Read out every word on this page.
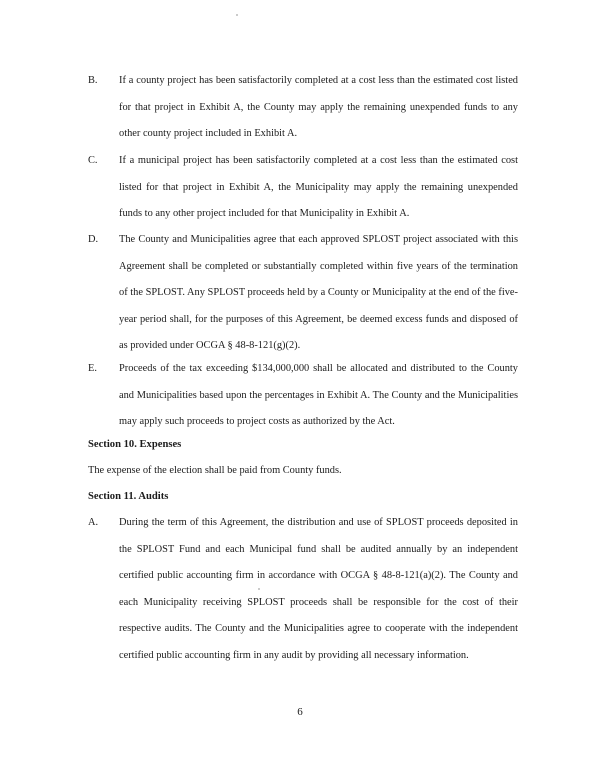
B. If a county project has been satisfactorily completed at a cost less than the estimated cost listed for that project in Exhibit A, the County may apply the remaining unexpended funds to any other county project included in Exhibit A.
C. If a municipal project has been satisfactorily completed at a cost less than the estimated cost listed for that project in Exhibit A, the Municipality may apply the remaining unexpended funds to any other project included for that Municipality in Exhibit A.
D. The County and Municipalities agree that each approved SPLOST project associated with this Agreement shall be completed or substantially completed within five years of the termination of the SPLOST. Any SPLOST proceeds held by a County or Municipality at the end of the five-year period shall, for the purposes of this Agreement, be deemed excess funds and disposed of as provided under OCGA § 48-8-121(g)(2).
E. Proceeds of the tax exceeding $134,000,000 shall be allocated and distributed to the County and Municipalities based upon the percentages in Exhibit A. The County and the Municipalities may apply such proceeds to project costs as authorized by the Act.
Section 10. Expenses
The expense of the election shall be paid from County funds.
Section 11. Audits
A. During the term of this Agreement, the distribution and use of SPLOST proceeds deposited in the SPLOST Fund and each Municipal fund shall be audited annually by an independent certified public accounting firm in accordance with OCGA § 48-8-121(a)(2). The County and each Municipality receiving SPLOST proceeds shall be responsible for the cost of their respective audits. The County and the Municipalities agree to cooperate with the independent certified public accounting firm in any audit by providing all necessary information.
6
